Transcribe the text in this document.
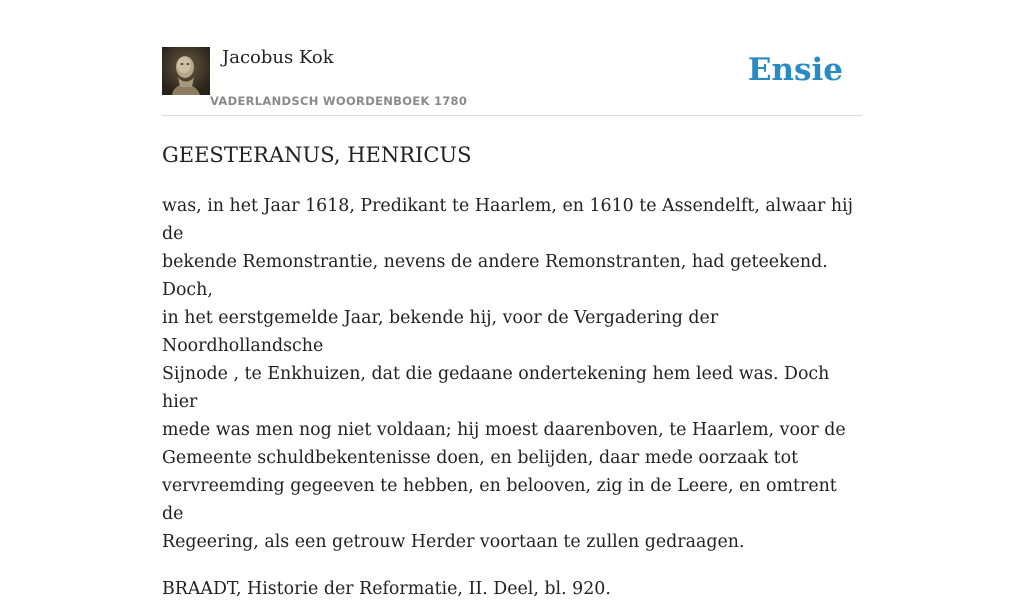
Jacobus Kok
VADERLANDSCH WOORDENBOEK 1780
Ensie
GEESTERANUS, HENRICUS

was, in het Jaar 1618, Predikant te Haarlem, en 1610 te Assendelft, alwaar hij de
bekende Remonstrantie, nevens de andere Remonstranten, had geteekend. Doch,
in het eerstgemelde Jaar, bekende hij, voor de Vergadering der Noordhollandsche
Sijnode , te Enkhuizen, dat die gedaane ondertekening hem leed was. Doch hier
mede was men nog niet voldaan; hij moest daarenboven, te Haarlem, voor de
Gemeente schuldbekentenisse doen, en belijden, daar mede oorzaak tot
vervreemding gegeeven te hebben, en belooven, zig in de Leere, en omtrent de
Regeering, als een getrouw Herder voortaan te zullen gedraagen.

BRAADT, Historie der Reformatie, II. Deel, bl. 920.
